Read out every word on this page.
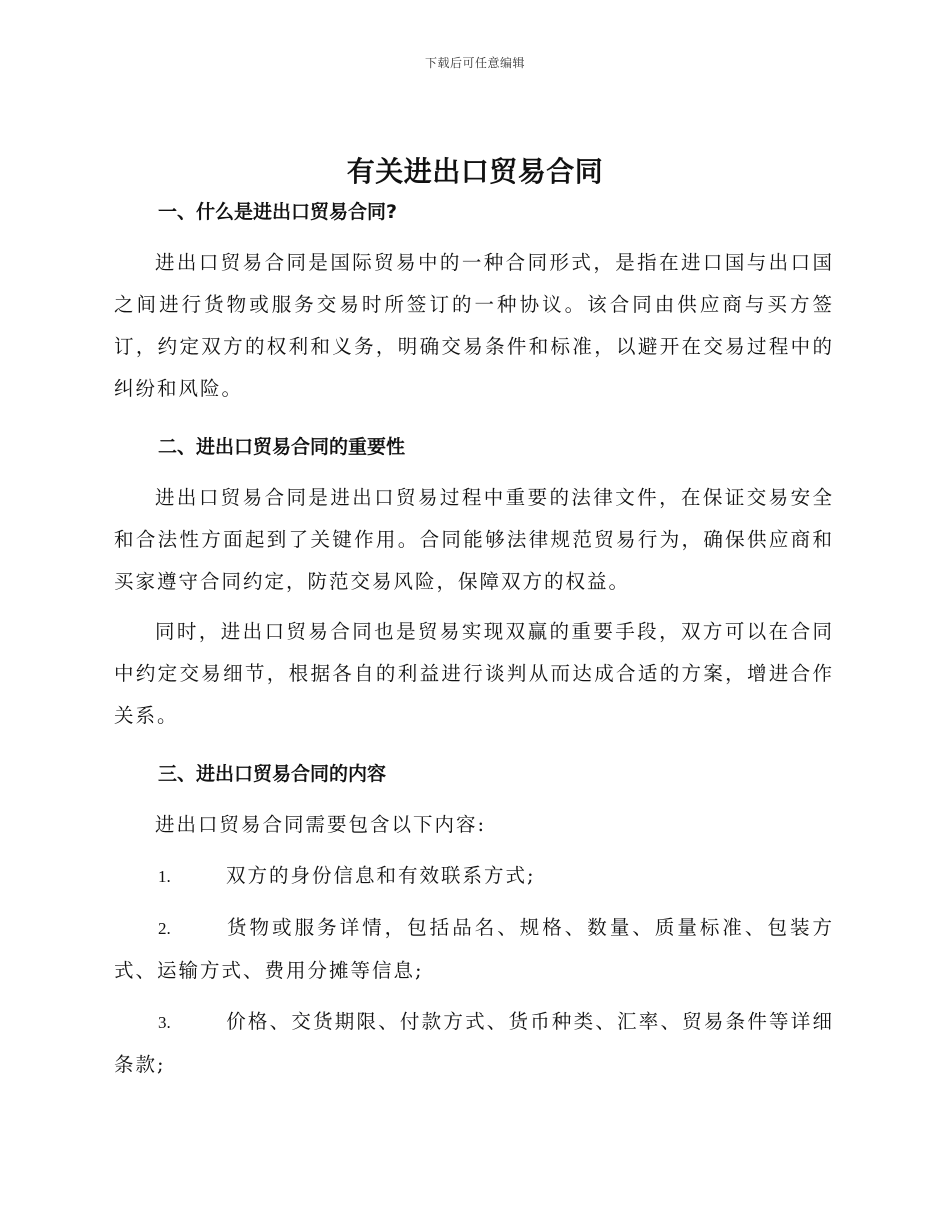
下载后可任意编辑
有关进出口贸易合同
一、什么是进出口贸易合同?

进出口贸易合同是国际贸易中的一种合同形式，是指在进口国与出口国之间进行货物或服务交易时所签订的一种协议。该合同由供应商与买方签订，约定双方的权利和义务，明确交易条件和标准，以避开在交易过程中的纠纷和风险。

二、进出口贸易合同的重要性

进出口贸易合同是进出口贸易过程中重要的法律文件，在保证交易安全和合法性方面起到了关键作用。合同能够法律规范贸易行为，确保供应商和买家遵守合同约定，防范交易风险，保障双方的权益。

同时，进出口贸易合同也是贸易实现双赢的重要手段，双方可以在合同中约定交易细节，根据各自的利益进行谈判从而达成合适的方案，增进合作关系。

三、进出口贸易合同的内容

进出口贸易合同需要包含以下内容:

1.	双方的身份信息和有效联系方式;
2.	货物或服务详情，包括品名、规格、数量、质量标准、包装方式、运输方式、费用分摊等信息;
3.	价格、交货期限、付款方式、货币种类、汇率、贸易条件等详细条款;
